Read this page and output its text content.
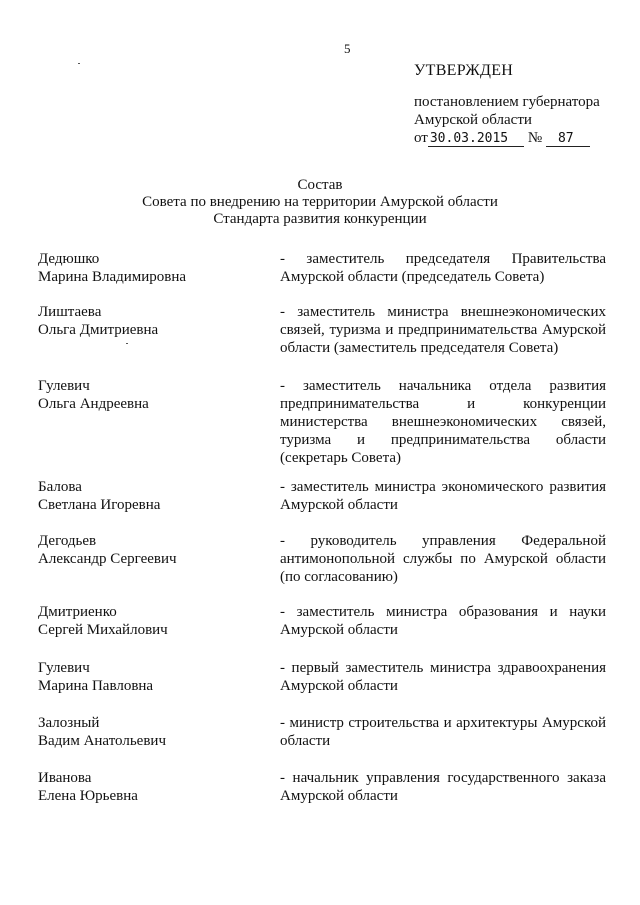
5
УТВЕРЖДЕН
постановлением губернатора
Амурской области
от 30.03.2015 № 87
Состав
Совета по внедрению на территории Амурской области
Стандарта развития конкуренции
Дедюшко
Марина Владимировна
- заместитель председателя Правительства Амурской области (председатель Совета)
Лиштаева
Ольга Дмитриевна
- заместитель министра внешнеэкономических связей, туризма и предпринимательства Амурской области (заместитель председателя Совета)
Гулевич
Ольга Андреевна
- заместитель начальника отдела развития предпринимательства и конкуренции министерства внешнеэкономических связей, туризма и предпринимательства области (секретарь Совета)
Балова
Светлана Игоревна
- заместитель министра экономического развития Амурской области
Дегодьев
Александр Сергеевич
- руководитель управления Федеральной антимонопольной службы по Амурской области (по согласованию)
Дмитриенко
Сергей Михайлович
- заместитель министра образования и науки Амурской области
Гулевич
Марина Павловна
- первый заместитель министра здравоохранения Амурской области
Залозный
Вадим Анатольевич
- министр строительства и архитектуры Амурской области
Иванова
Елена Юрьевна
- начальник управления государственного заказа Амурской области
